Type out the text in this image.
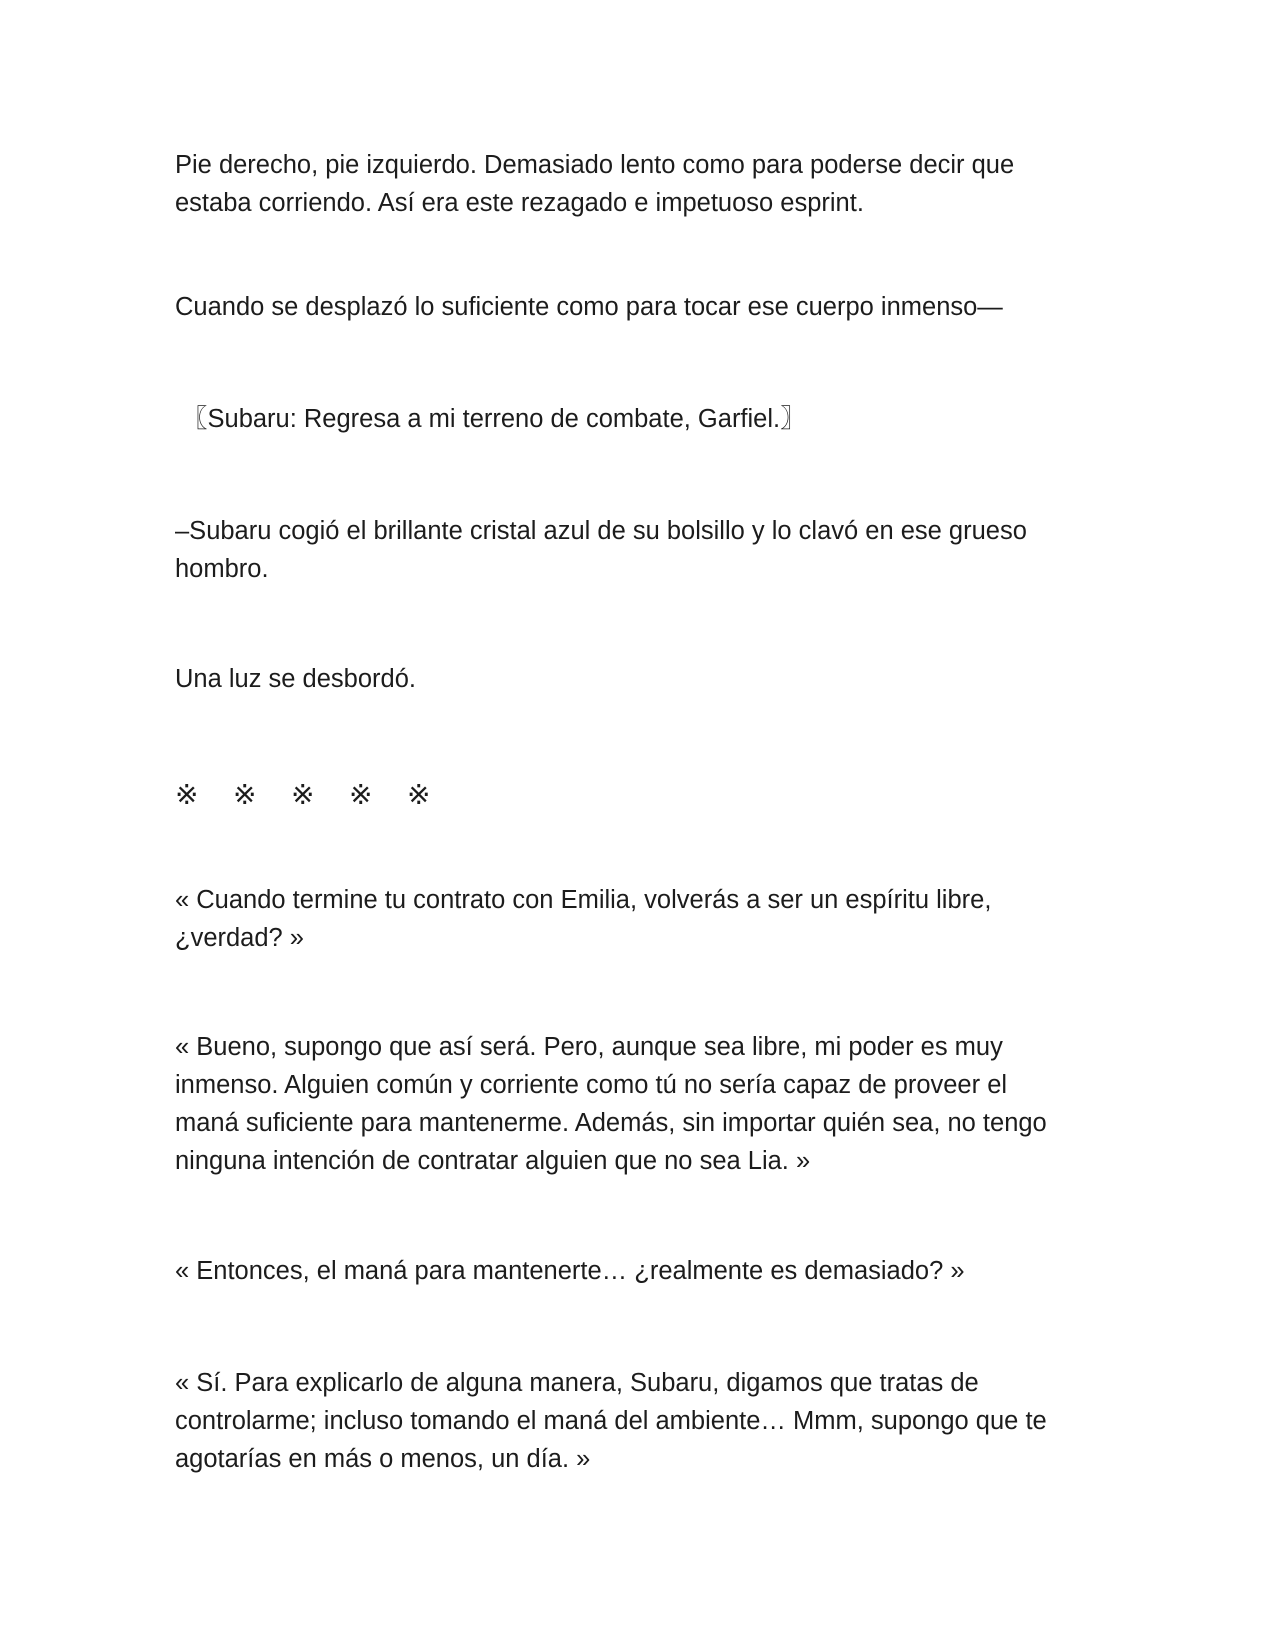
Pie derecho, pie izquierdo. Demasiado lento como para poderse decir que
estaba corriendo. Así era este rezagado e impetuoso esprint.

Cuando se desplazó lo suficiente como para tocar ese cuerpo inmenso—

〖Subaru: Regresa a mi terreno de combate, Garfiel.〗

–Subaru cogió el brillante cristal azul de su bolsillo y lo clavó en ese grueso
hombro.

Una luz se desbordó.

※ ※ ※ ※ ※

« Cuando termine tu contrato con Emilia, volverás a ser un espíritu libre,
¿verdad? »

« Bueno, supongo que así será. Pero, aunque sea libre, mi poder es muy
inmenso. Alguien común y corriente como tú no sería capaz de proveer el
maná suficiente para mantenerme. Además, sin importar quién sea, no tengo
ninguna intención de contratar alguien que no sea Lia. »

« Entonces, el maná para mantenerte… ¿realmente es demasiado? »

« Sí. Para explicarlo de alguna manera, Subaru, digamos que tratas de
controlarme; incluso tomando el maná del ambiente… Mmm, supongo que te
agotarías en más o menos, un día. »
